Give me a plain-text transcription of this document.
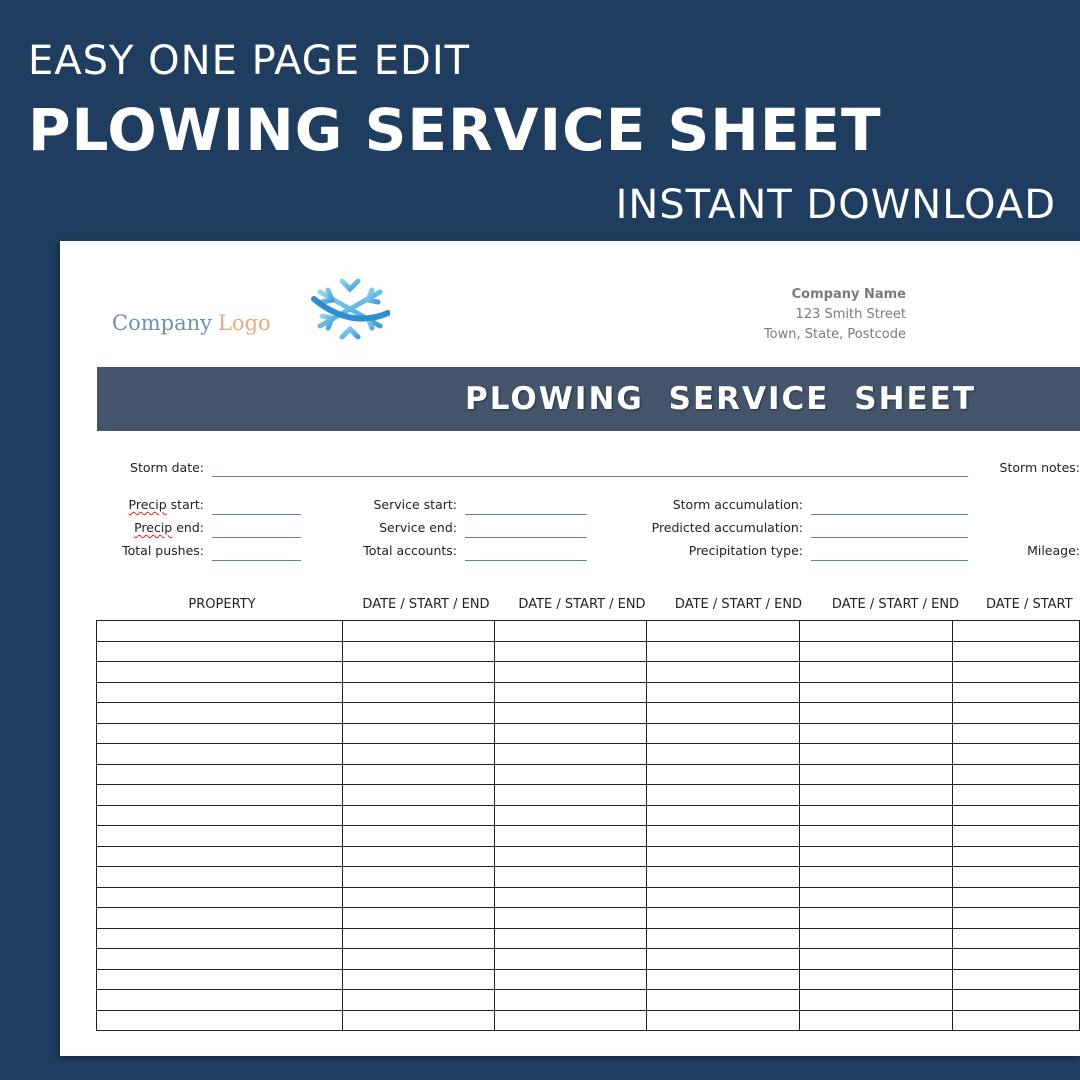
EASY ONE PAGE EDIT
PLOWING SERVICE SHEET
INSTANT DOWNLOAD
Company Logo
Company Name
123 Smith Street
Town, State, Postcode
PLOWING SERVICE SHEET
Storm date:	Storm notes:
Precip start:
Precip end:
Total pushes:
Service start:
Service end:
Total accounts:
Storm accumulation:
Predicted accumulation:
Precipitation type:	Mileage:
PROPERTY	DATE / START / END	DATE / START / END	DATE / START / END	DATE / START / END	DATE / START
